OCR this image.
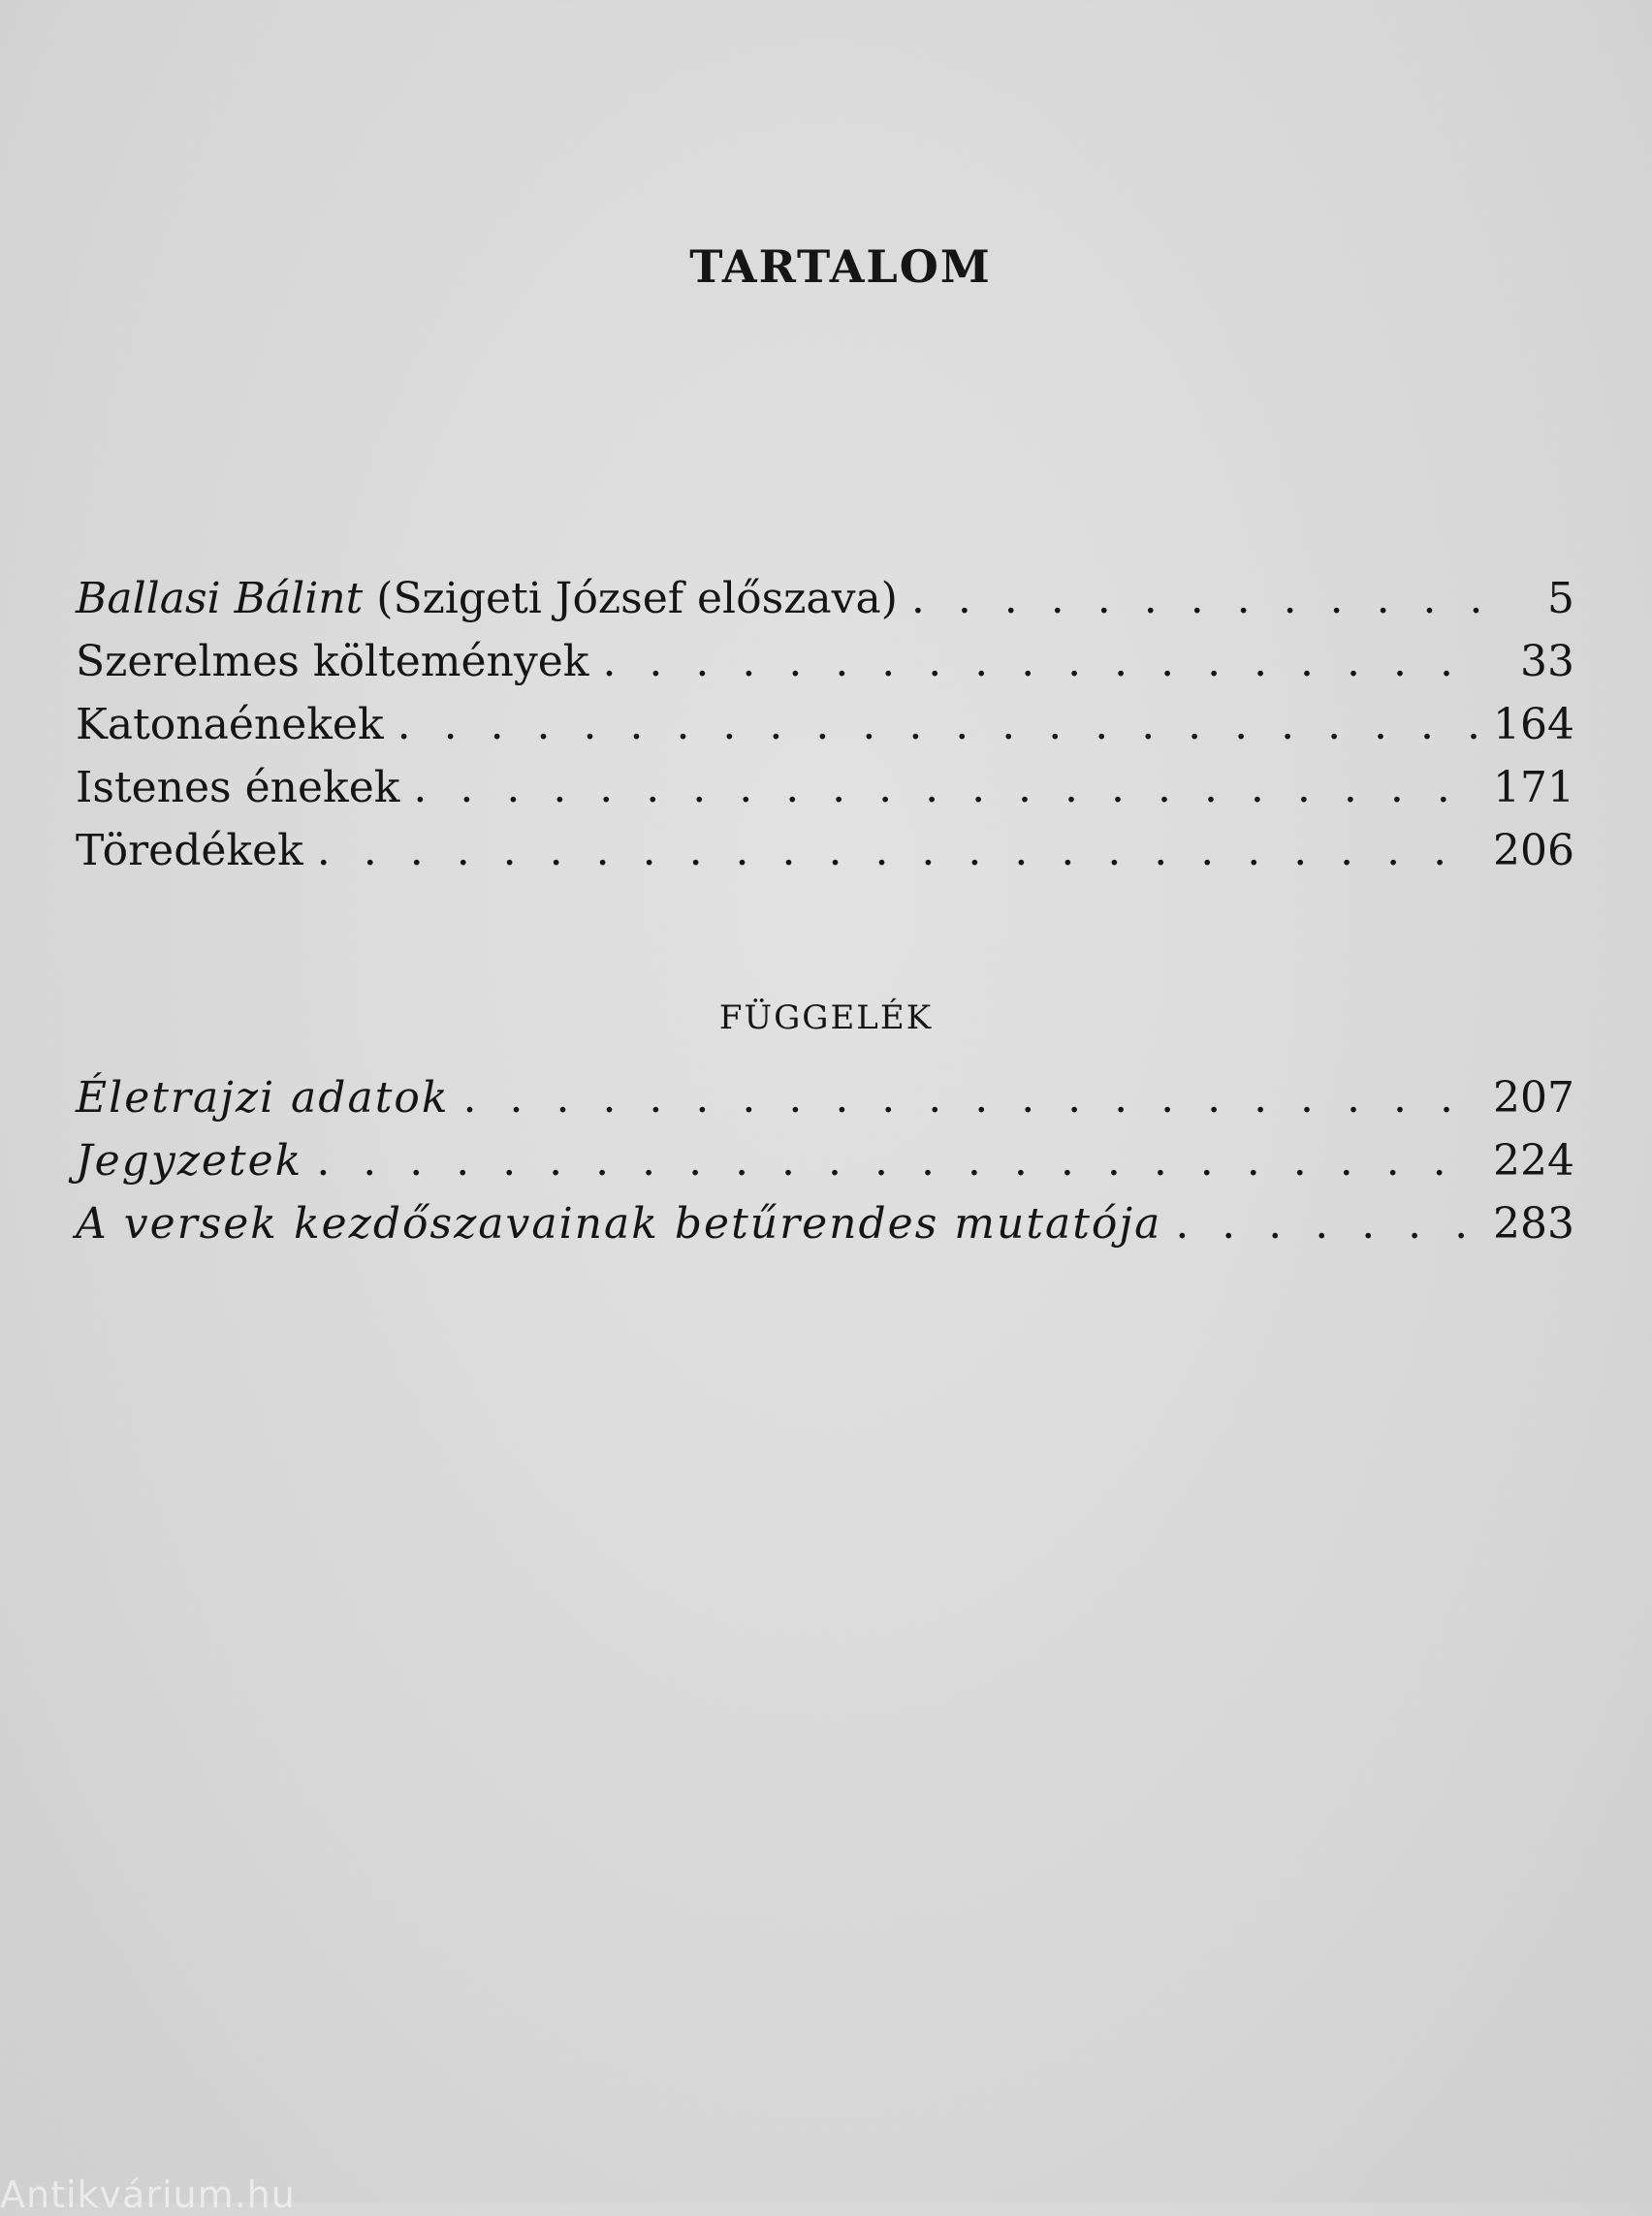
TARTALOM
Ballasi Bálint (Szigeti József előszava) . . .	5
Szerelmes költemények . . .	33
Katonaénekek . . .	164
Istenes énekek . . .	171
Töredékek . . .	206
FÜGGELÉK
Életrajzi adatok . . .	207
Jegyzetek . . .	224
A versek kezdőszavainak betűrendes mutatója . . .	283
Antikvárium.hu
